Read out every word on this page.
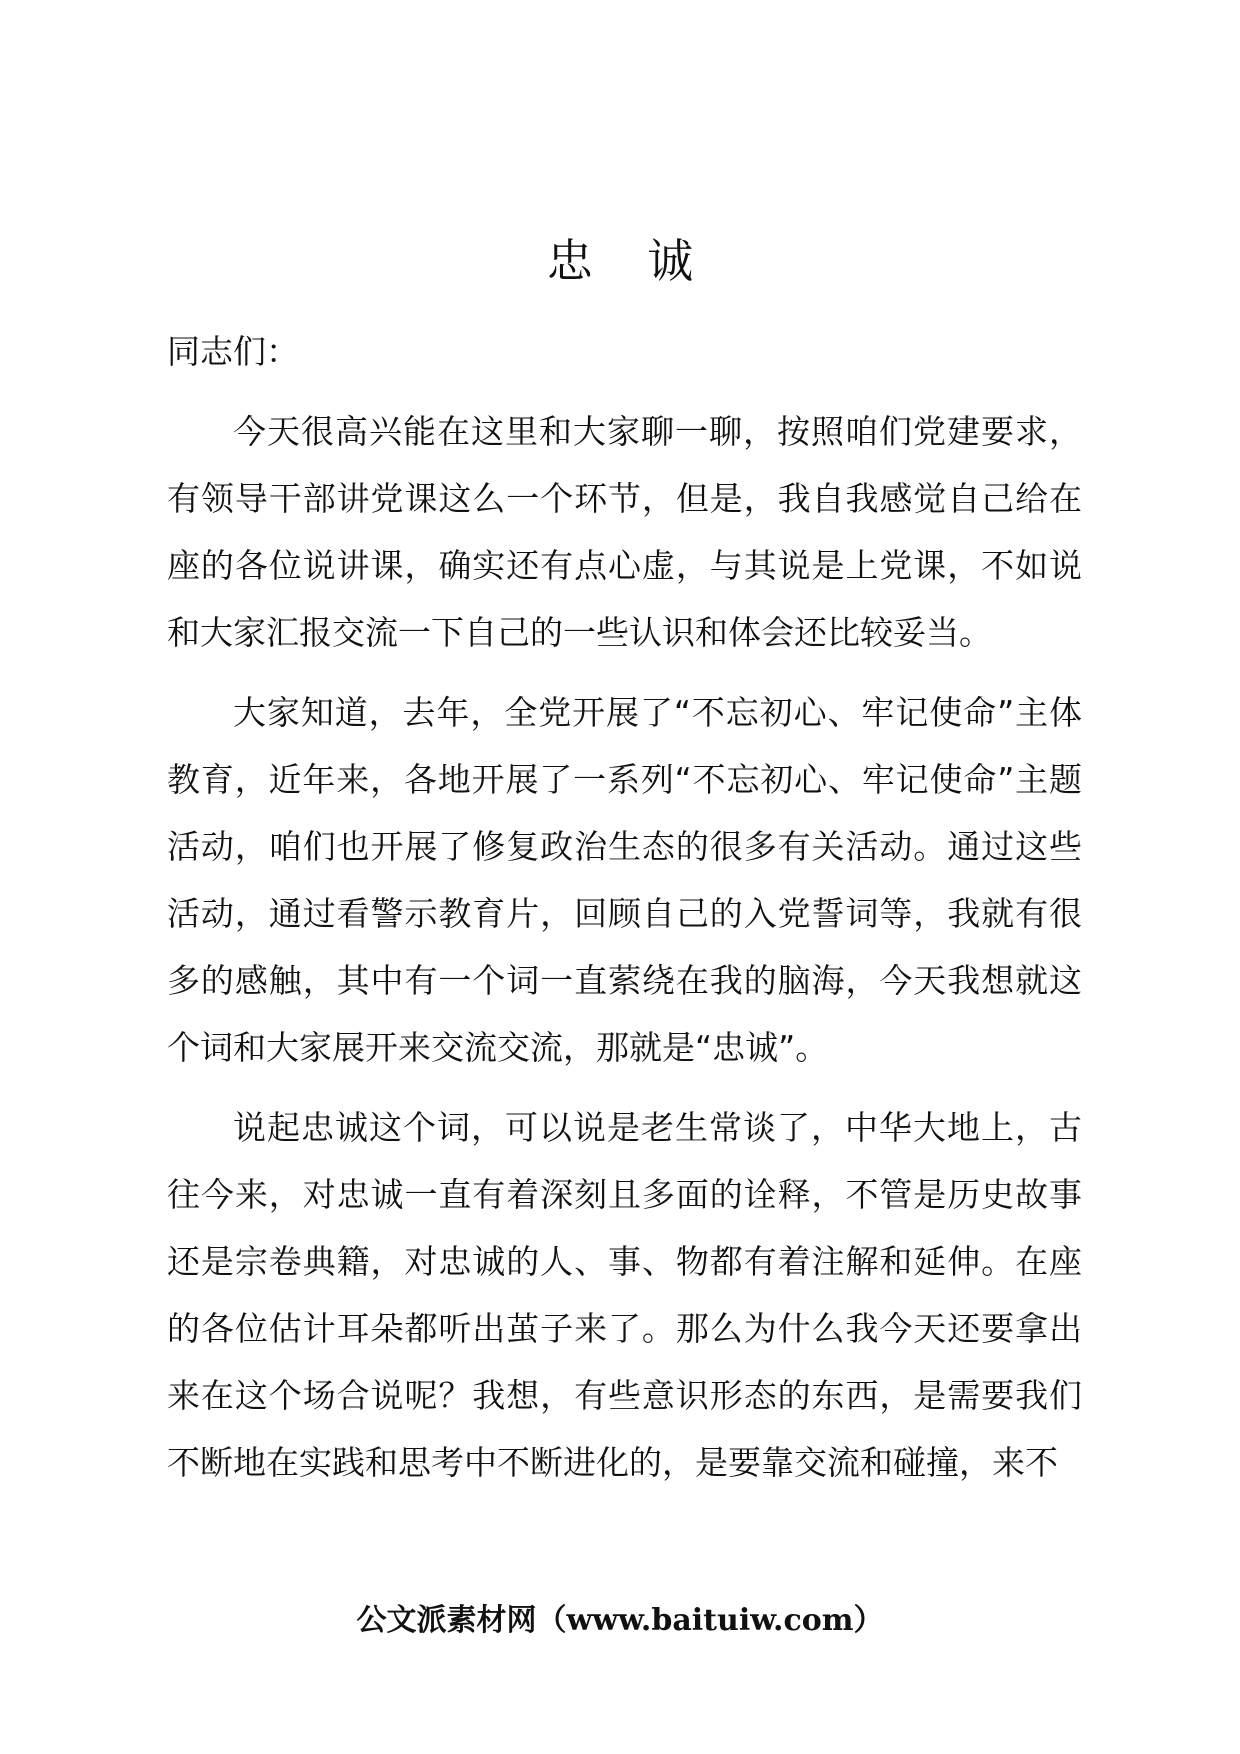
忠 诚

同志们：

今天很高兴能在这里和大家聊一聊，按照咱们党建要求，有领导干部讲党课这么一个环节，但是，我自我感觉自己给在座的各位说讲课，确实还有点心虚，与其说是上党课，不如说和大家汇报交流一下自己的一些认识和体会还比较妥当。

大家知道，去年，全党开展了“不忘初心、牢记使命”主体教育，近年来，各地开展了一系列“不忘初心、牢记使命”主题活动，咱们也开展了修复政治生态的很多有关活动。通过这些活动，通过看警示教育片，回顾自己的入党誓词等，我就有很多的感触，其中有一个词一直萦绕在我的脑海，今天我想就这个词和大家展开来交流交流，那就是“忠诚”。

说起忠诚这个词，可以说是老生常谈了，中华大地上，古往今来，对忠诚一直有着深刻且多面的诠释，不管是历史故事还是宗卷典籍，对忠诚的人、事、物都有着注解和延伸。在座的各位估计耳朵都听出茧子来了。那么为什么我今天还要拿出来在这个场合说呢？我想，有些意识形态的东西，是需要我们不断地在实践和思考中不断进化的，是要靠交流和碰撞，来不

公文派素材网（www.baituiw.com）
